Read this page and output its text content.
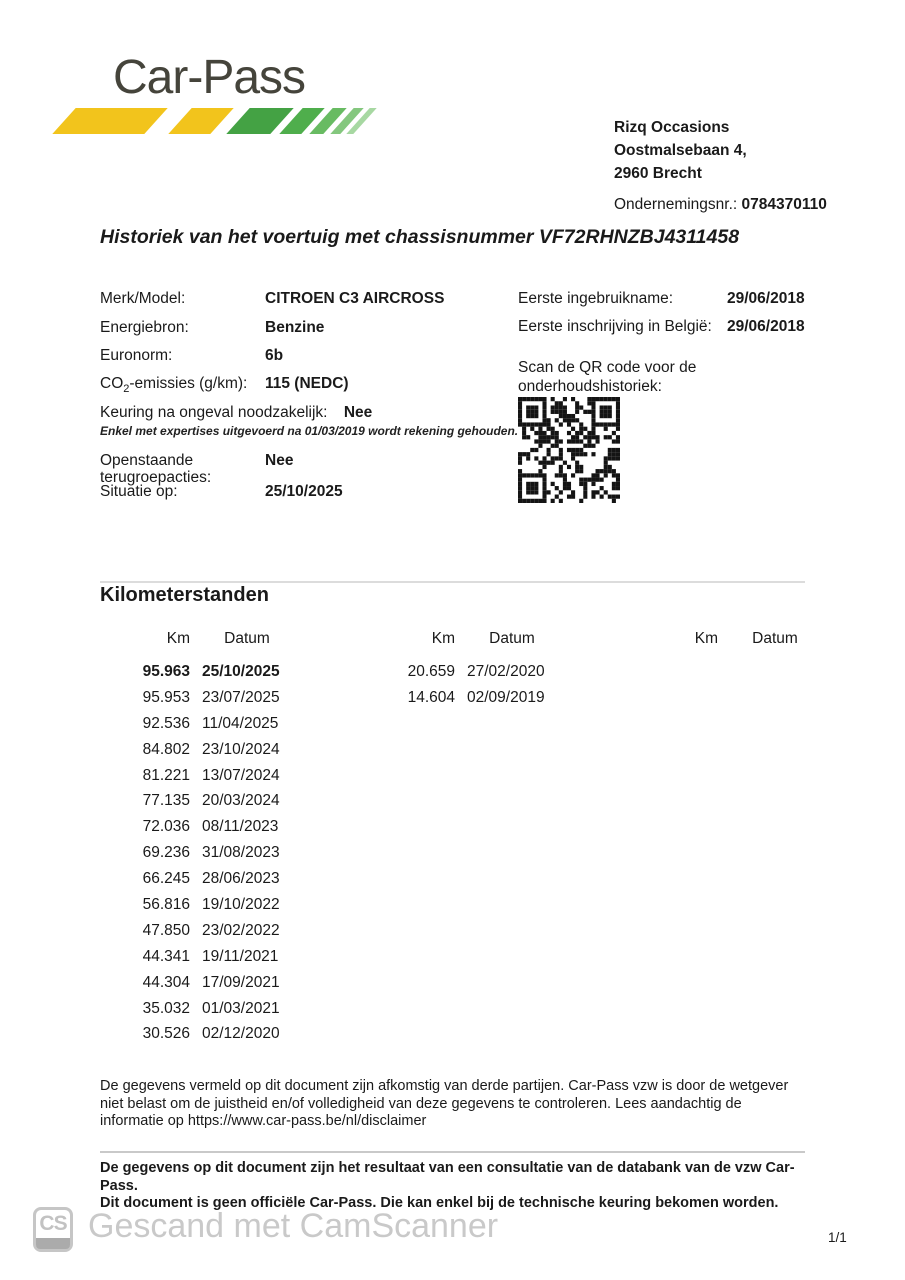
Car-Pass
Rizq Occasions
Oostmalsebaan 4,
2960 Brecht
Ondernemingsnr.: 0784370110
Historiek van het voertuig met chassisnummer VF72RHNZBJ4311458
Merk/Model:	CITROEN C3 AIRCROSS
Energiebron:	Benzine
Euronorm:	6b
$CO_2$-emissies (g/km): 115 (NEDC)
Eerste ingebruikname:	29/06/2018
Eerste inschrijving in België: 29/06/2018
Keuring na ongeval noodzakelijk: Nee
Enkel met expertises uitgevoerd na 01/03/2019 wordt rekening gehouden.
Openstaande
terugroepacties:
Nee
Situatie op:	25/10/2025
Scan de QR code voor de
onderhoudshistoriek:
Kilometerstanden
Km	Datum
95.963 25/10/2025
95.953 23/07/2025
92.536 11/04/2025
84.802 23/10/2024
81.221 13/07/2024
77.135 20/03/2024
72.036 08/11/2023
69.236 31/08/2023
66.245 28/06/2023
56.816 19/10/2022
47.850 23/02/2022
44.341 19/11/2021
44.304 17/09/2021
35.032 01/03/2021
30.526 02/12/2020
Km	Datum
20.659 27/02/2020
14.604 02/09/2019
Km	Datum
De gegevens vermeld op dit document zijn afkomstig van derde partijen. Car-Pass vzw is door de wetgever niet belast om de juistheid en/of volledigheid van deze gegevens te controleren. Lees aandachtig de informatie op https://www.car-pass.be/nl/disclaimer
De gegevens op dit document zijn het resultaat van een consultatie van de databank van de vzw Car-Pass.
Dit document is geen officiële Car-Pass. Die kan enkel bij de technische keuring bekomen worden.
CS Gescand met CamScanner	1/1
